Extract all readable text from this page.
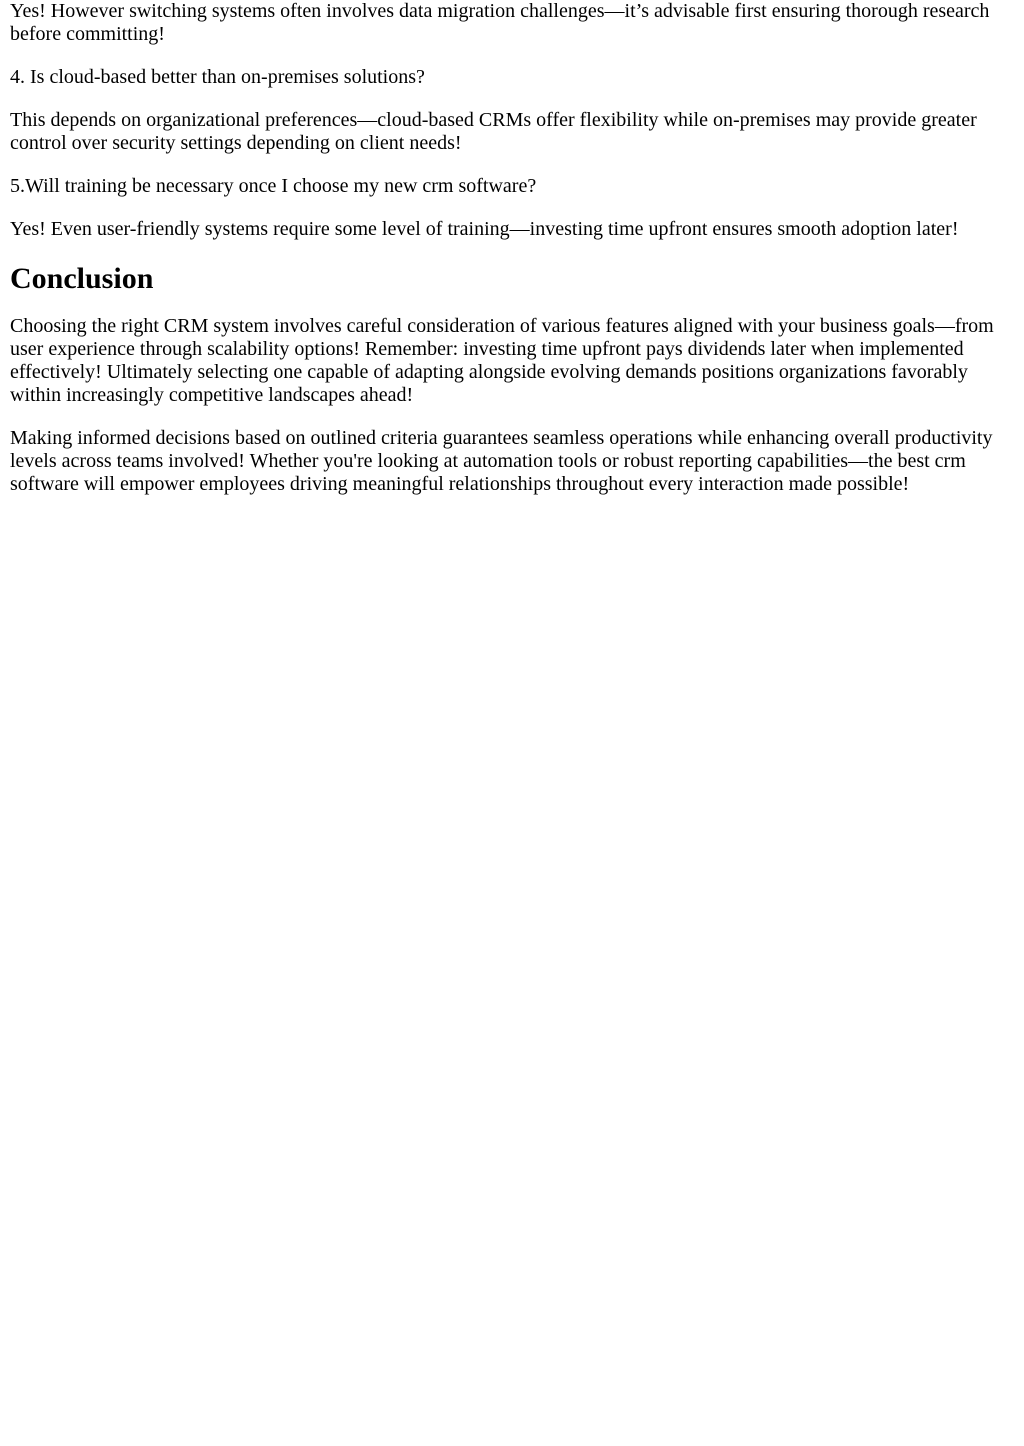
Yes! However switching systems often involves data migration challenges—it’s advisable first ensuring thorough research before committing!

4. Is cloud-based better than on-premises solutions?

This depends on organizational preferences—cloud-based CRMs offer flexibility while on-premises may provide greater control over security settings depending on client needs!

5.Will training be necessary once I choose my new crm software?

Yes! Even user-friendly systems require some level of training—investing time upfront ensures smooth adoption later!

Conclusion

Choosing the right CRM system involves careful consideration of various features aligned with your business goals—from user experience through scalability options! Remember: investing time upfront pays dividends later when implemented effectively! Ultimately selecting one capable of adapting alongside evolving demands positions organizations favorably within increasingly competitive landscapes ahead!

Making informed decisions based on outlined criteria guarantees seamless operations while enhancing overall productivity levels across teams involved! Whether you're looking at automation tools or robust reporting capabilities—the best crm software will empower employees driving meaningful relationships throughout every interaction made possible!
